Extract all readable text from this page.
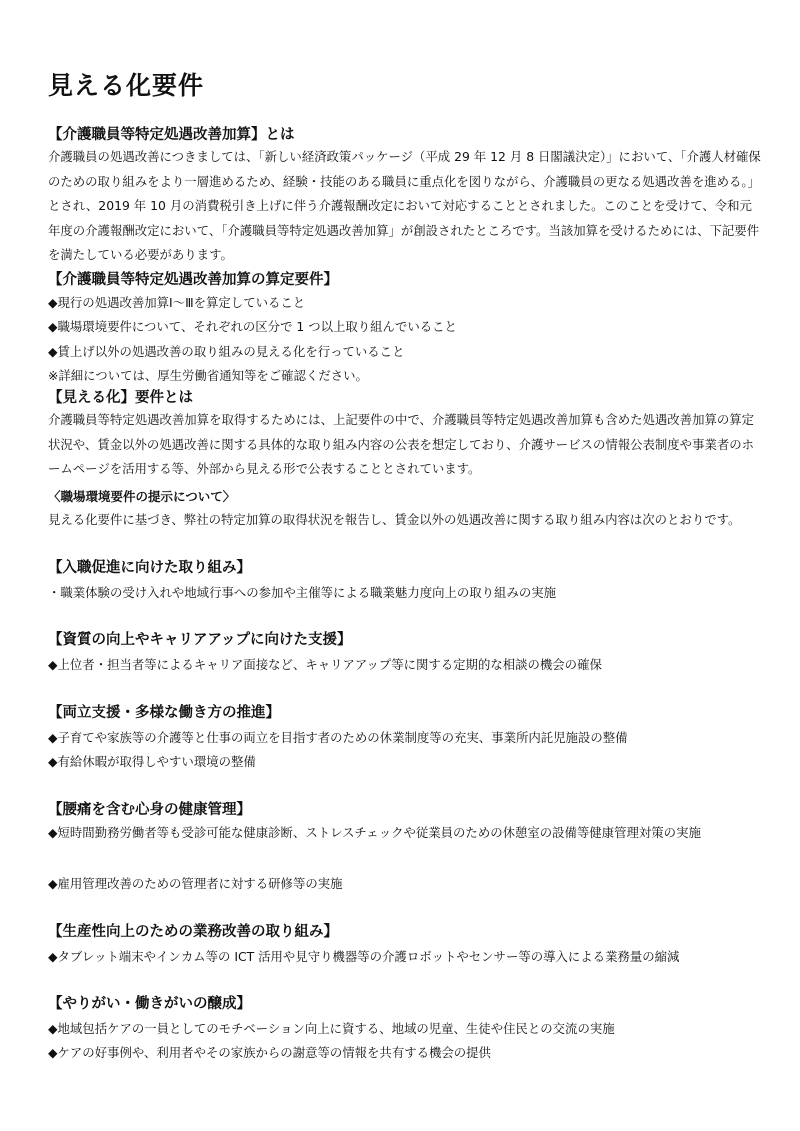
見える化要件
【介護職員等特定処遇改善加算】とは
介護職員の処遇改善につきましては、「新しい経済政策パッケージ（平成 29 年 12 月 8 日閣議決定）」において、「介護人材確保のための取り組みをより一層進めるため、経験・技能のある職員に重点化を図りながら、介護職員の更なる処遇改善を進める。」とされ、2019 年 10 月の消費税引き上げに伴う介護報酬改定において対応することとされました。このことを受けて、令和元年度の介護報酬改定において、「介護職員等特定処遇改善加算」が創設されたところです。当該加算を受けるためには、下記要件を満たしている必要があります。
【介護職員等特定処遇改善加算の算定要件】
◆現行の処遇改善加算Ⅰ～Ⅲを算定していること
◆職場環境要件について、それぞれの区分で 1 つ以上取り組んでいること
◆賃上げ以外の処遇改善の取り組みの見える化を行っていること
※詳細については、厚生労働省通知等をご確認ください。
【見える化】要件とは
介護職員等特定処遇改善加算を取得するためには、上記要件の中で、介護職員等特定処遇改善加算も含めた処遇改善加算の算定状況や、賃金以外の処遇改善に関する具体的な取り組み内容の公表を想定しており、介護サービスの情報公表制度や事業者のホームページを活用する等、外部から見える形で公表することとされています。
〈職場環境要件の提示について〉
見える化要件に基づき、弊社の特定加算の取得状況を報告し、賃金以外の処遇改善に関する取り組み内容は次のとおりです。
【入職促進に向けた取り組み】
・職業体験の受け入れや地域行事への参加や主催等による職業魅力度向上の取り組みの実施
【資質の向上やキャリアアップに向けた支援】
◆上位者・担当者等によるキャリア面接など、キャリアアップ等に関する定期的な相談の機会の確保
【両立支援・多様な働き方の推進】
◆子育てや家族等の介護等と仕事の両立を目指す者のための休業制度等の充実、事業所内託児施設の整備
◆有給休暇が取得しやすい環境の整備
【腰痛を含む心身の健康管理】
◆短時間勤務労働者等も受診可能な健康診断、ストレスチェックや従業員のための休憩室の設備等健康管理対策の実施
◆雇用管理改善のための管理者に対する研修等の実施
【生産性向上のための業務改善の取り組み】
◆タブレット端末やインカム等の ICT 活用や見守り機器等の介護ロボットやセンサー等の導入による業務量の縮減
【やりがい・働きがいの醸成】
◆地域包括ケアの一員としてのモチベーション向上に資する、地域の児童、生徒や住民との交流の実施
◆ケアの好事例や、利用者やその家族からの謝意等の情報を共有する機会の提供
